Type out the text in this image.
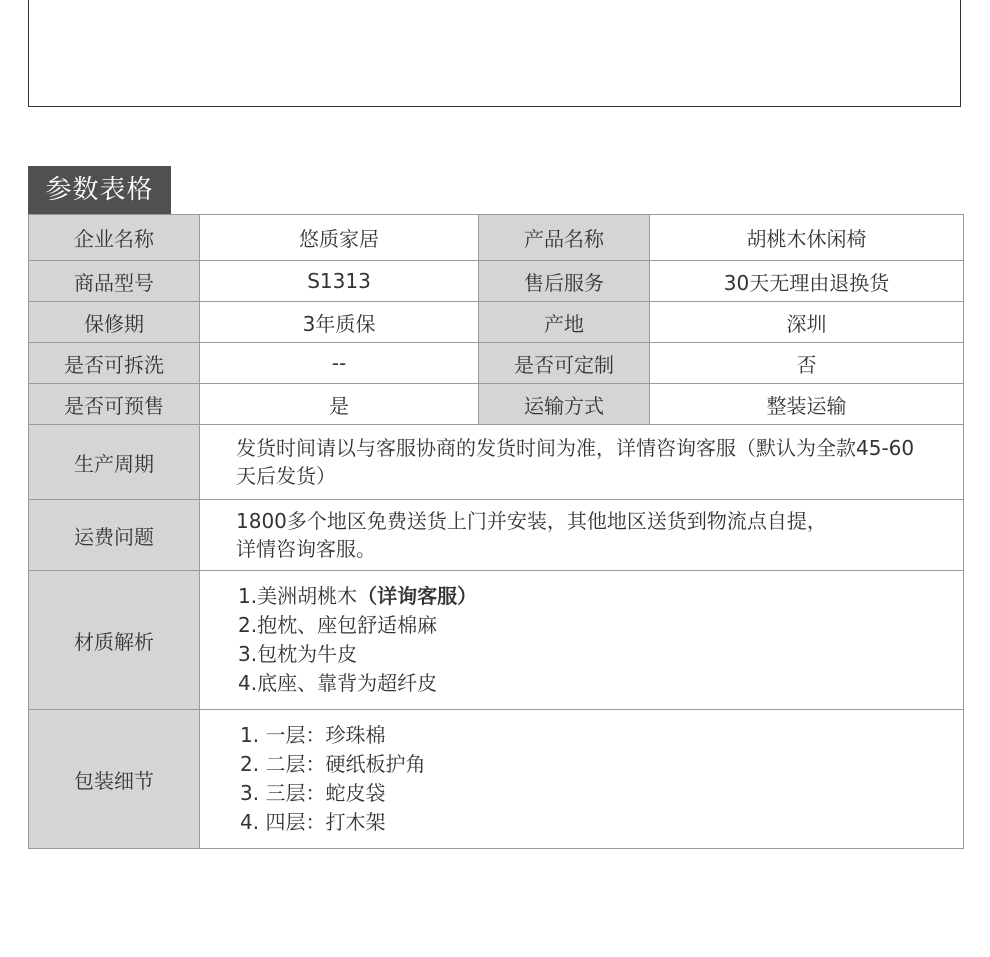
参数表格
企业名称	悠质家居	产品名称	胡桃木休闲椅
商品型号	S1313	售后服务	30天无理由退换货
保修期	3年质保	产地	深圳
是否可拆洗	--	是否可定制	否
是否可预售	是	运输方式	整装运输
生产周期	发货时间请以与客服协商的发货时间为准，详情咨询客服（默认为全款45-60天后发货）		
运费问题	1800多个地区免费送货上门并安装，其他地区送货到物流点自提，
详情咨询客服。		

材质解析	1.美洲胡桃木（详询客服）
2.抱枕、座包舒适棉麻
3.包枕为牛皮
4.底座、靠背为超纤皮		

包装细节	1. 一层：珍珠棉
2. 二层：硬纸板护角
3. 三层：蛇皮袋
4. 四层：打木架		
